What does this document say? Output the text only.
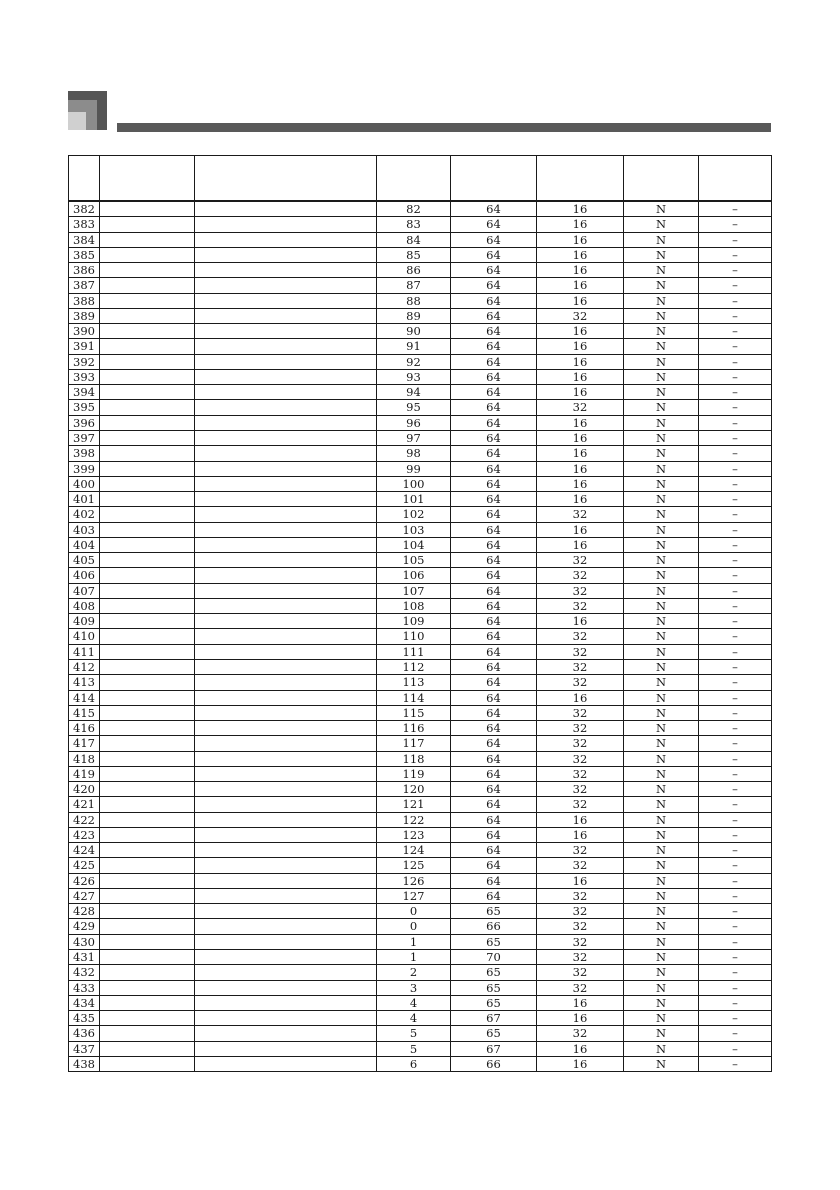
382			82	64	16	N	–
383			83	64	16	N	–
384			84	64	16	N	–
385			85	64	16	N	–
386			86	64	16	N	–
387			87	64	16	N	–
388			88	64	16	N	–
389			89	64	32	N	–
390			90	64	16	N	–
391			91	64	16	N	–
392			92	64	16	N	–
393			93	64	16	N	–
394			94	64	16	N	–
395			95	64	32	N	–
396			96	64	16	N	–
397			97	64	16	N	–
398			98	64	16	N	–
399			99	64	16	N	–
400			100	64	16	N	–
401			101	64	16	N	–
402			102	64	32	N	–
403			103	64	16	N	–
404			104	64	16	N	–
405			105	64	32	N	–
406			106	64	32	N	–
407			107	64	32	N	–
408			108	64	32	N	–
409			109	64	16	N	–
410			110	64	32	N	–
411			111	64	32	N	–
412			112	64	32	N	–
413			113	64	32	N	–
414			114	64	16	N	–
415			115	64	32	N	–
416			116	64	32	N	–
417			117	64	32	N	–
418			118	64	32	N	–
419			119	64	32	N	–
420			120	64	32	N	–
421			121	64	32	N	–
422			122	64	16	N	–
423			123	64	16	N	–
424			124	64	32	N	–
425			125	64	32	N	–
426			126	64	16	N	–
427			127	64	32	N	–
428			0	65	32	N	–
429			0	66	32	N	–
430			1	65	32	N	–
431			1	70	32	N	–
432			2	65	32	N	–
433			3	65	32	N	–
434			4	65	16	N	–
435			4	67	16	N	–
436			5	65	32	N	–
437			5	67	16	N	–
438			6	66	16	N	–
